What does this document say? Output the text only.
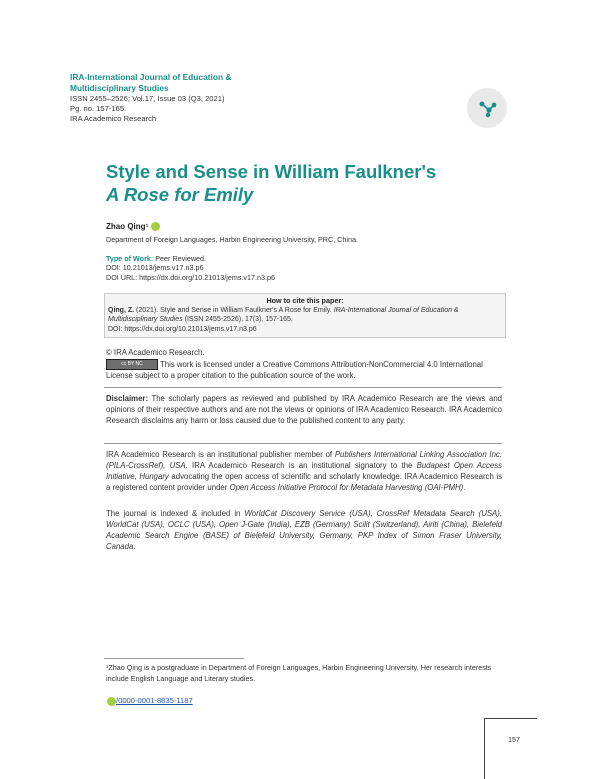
IRA-International Journal of Education &
Multidisciplinary Studies
ISSN 2455–2526; Vol.17, Issue 03 (Q3, 2021)
Pg. no. 157-165.
IRA Academico Research
Style and Sense in William Faulkner's
A Rose for Emily
Zhao Qing¹
Department of Foreign Languages, Harbin Engineering University, PRC, China.
Type of Work: Peer Reviewed.
DOI: 10.21013/jems.v17.n3.p6
DOI URL: https://dx.doi.org/10.21013/jems.v17.n3.p6
How to cite this paper:
Qing, Z. (2021). Style and Sense in William Faulkner's A Rose for Emily. IRA-International Journal of Education & Multidisciplinary Studies (ISSN 2455-2526), 17(3), 157-165.
DOI: https://dx.doi.org/10.21013/jems.v17.n3.p6
© IRA Academico Research.
cc BY NC This work is licensed under a Creative Commons Attribution-NonCommercial 4.0 International License subject to a proper citation to the publication source of the work.
Disclaimer: The scholarly papers as reviewed and published by IRA Academico Research are the views and opinions of their respective authors and are not the views or opinions of IRA Academico Research. IRA Academico Research disclaims any harm or loss caused due to the published content to any party.
IRA Academico Research is an institutional publisher member of Publishers International Linking Association Inc. (PILA-CrossRef), USA. IRA Academico Research is an institutional signatory to the Budapest Open Access Initiative, Hungary advocating the open access of scientific and scholarly knowledge. IRA Academico Research is a registered content provider under Open Access Initiative Protocol for Metadata Harvesting (OAI-PMH).
The journal is indexed & included in WorldCat Discovery Service (USA), CrossRef Metadata Search (USA), WorldCat (USA), OCLC (USA), Open J-Gate (India), EZB (Germany) Scilit (Switzerland), Airiti (China), Bielefeld Academic Search Engine (BASE) of Bielefeld University, Germany, PKP Index of Simon Fraser University, Canada.
¹Zhao Qing is a postgraduate in Department of Foreign Languages, Harbin Engineering University. Her research interests include English Language and Literary studies.
/0000-0001-8835-1187
157
